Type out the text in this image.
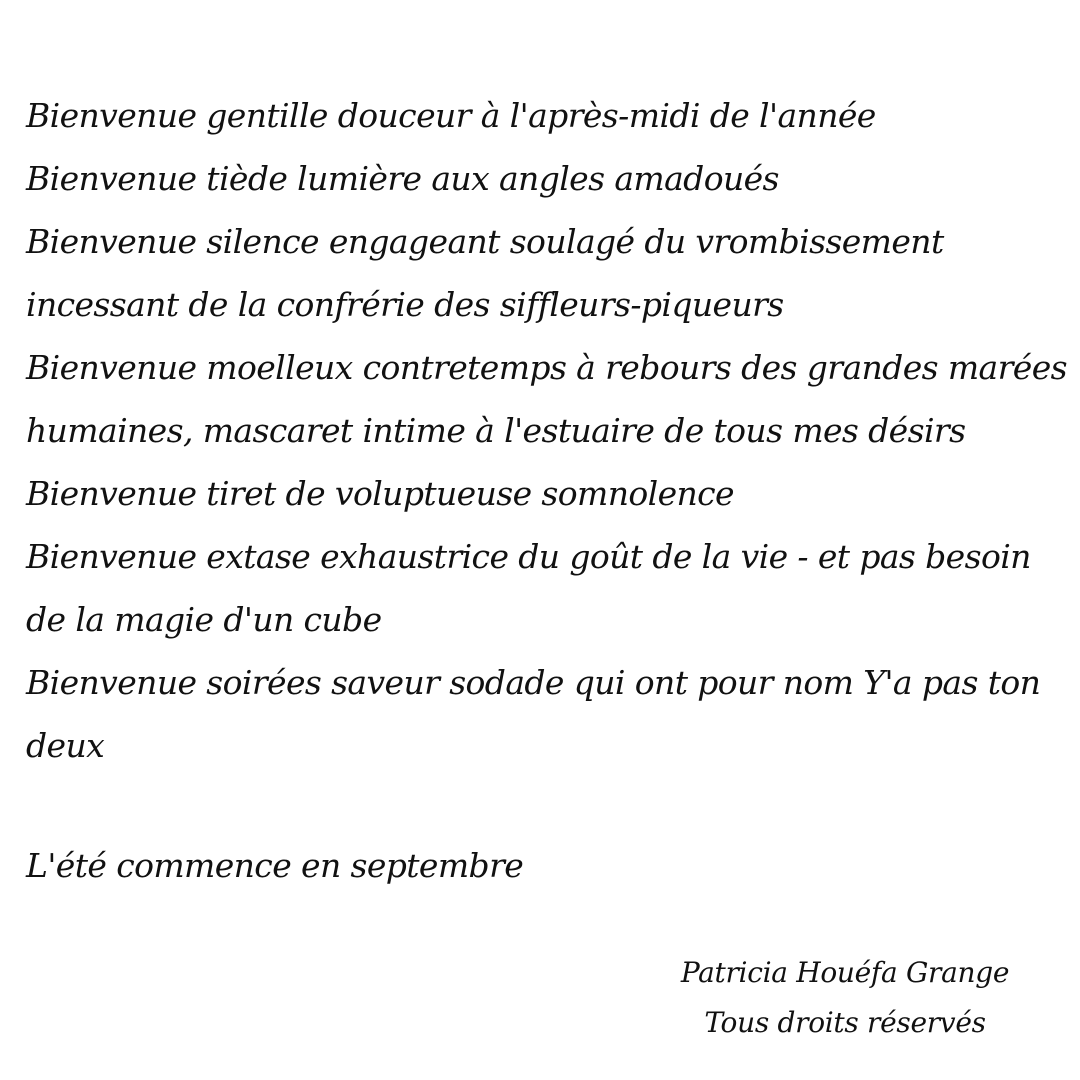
Bienvenue gentille douceur à l'après-midi de l'année
Bienvenue tiède lumière aux angles amadoués
Bienvenue silence engageant soulagé du vrombissement
incessant de la confrérie des siffleurs-piqueurs
Bienvenue moelleux contretemps à rebours des grandes marées
humaines, mascaret intime à l'estuaire de tous mes désirs
Bienvenue tiret de voluptueuse somnolence
Bienvenue extase exhaustrice du goût de la vie - et pas besoin
de la magie d'un cube
Bienvenue soirées saveur sodade qui ont pour nom Y'a pas ton
deux
L'été commence en septembre
Patricia Houéfa Grange
Tous droits réservés
